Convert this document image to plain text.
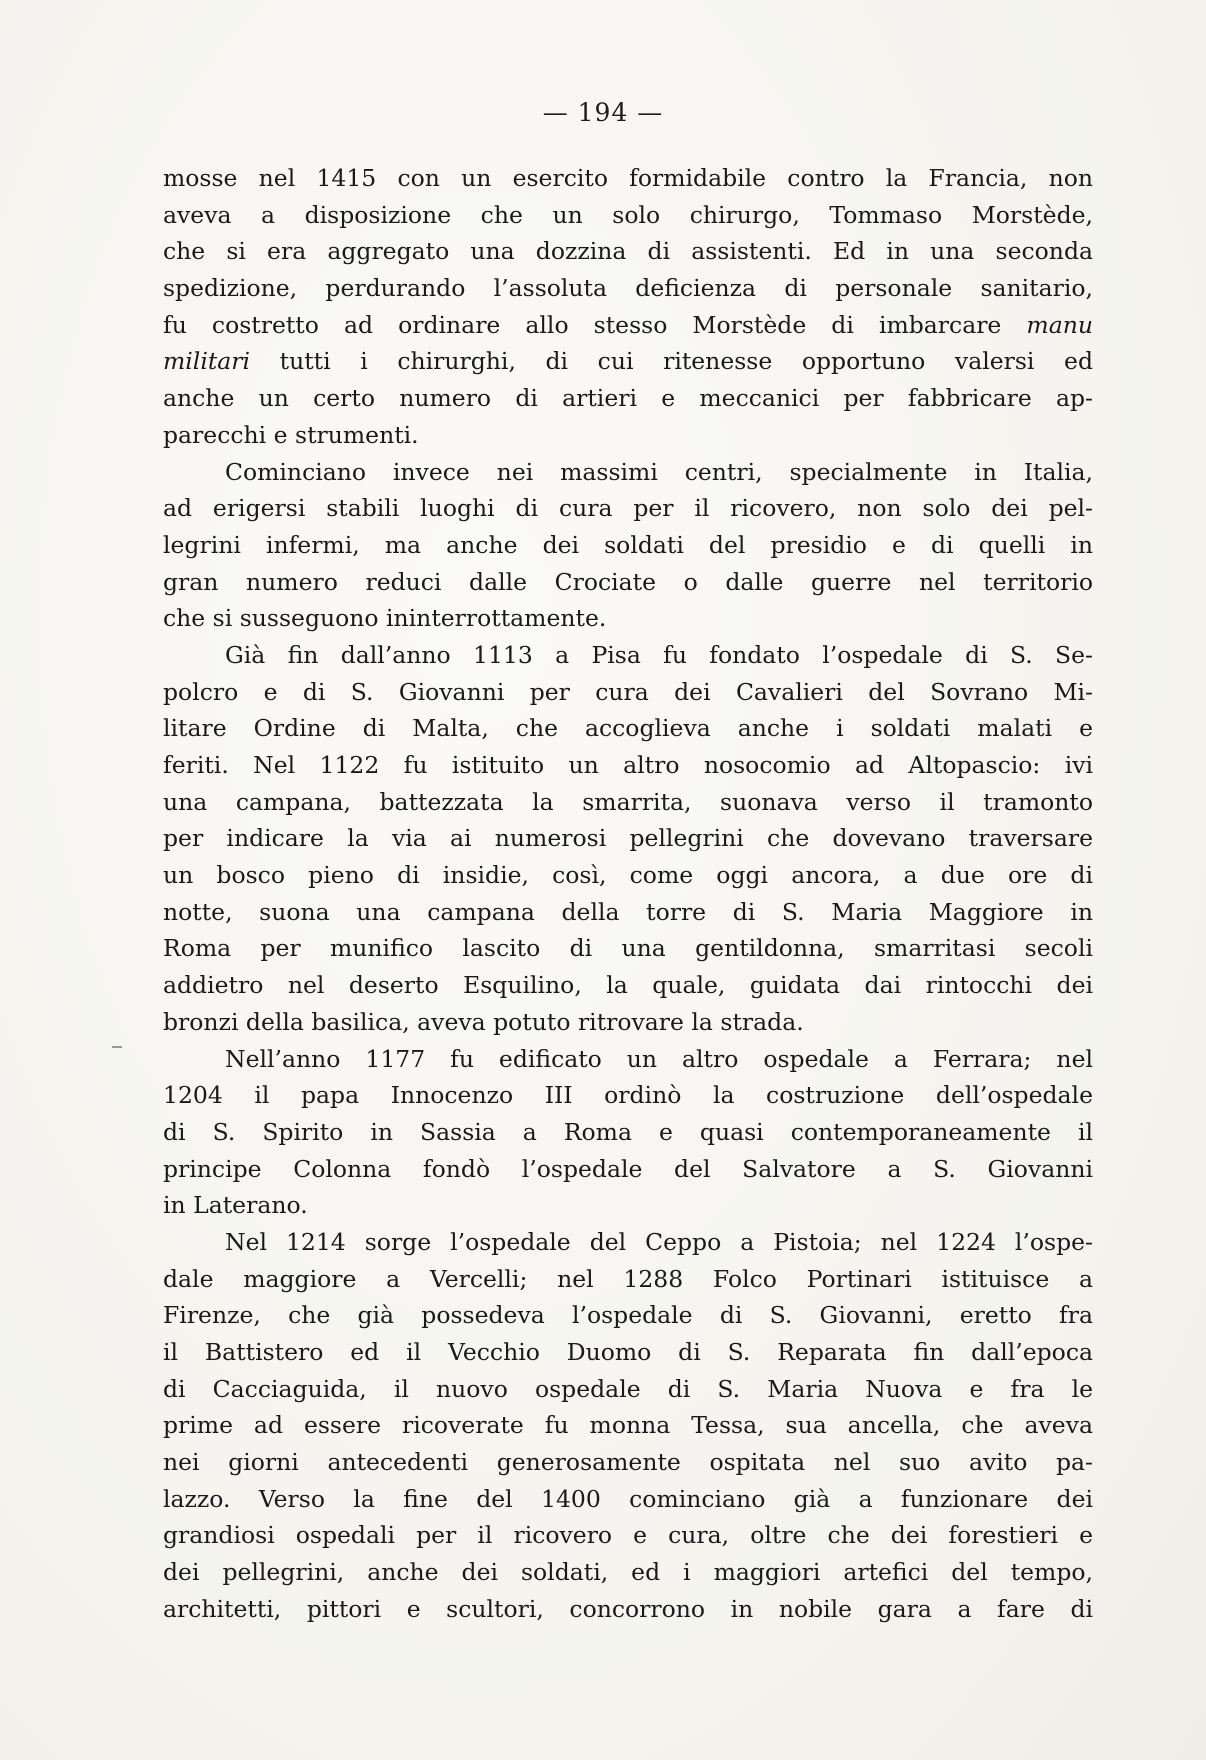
— 194 —
mosse nel 1415 con un esercito formidabile contro la Francia, non
aveva a disposizione che un solo chirurgo, Tommaso Morstède,
che si era aggregato una dozzina di assistenti. Ed in una seconda
spedizione, perdurando l’assoluta deficienza di personale sanitario,
fu costretto ad ordinare allo stesso Morstède di imbarcare manu
militari tutti i chirurghi, di cui ritenesse opportuno valersi ed
anche un certo numero di artieri e meccanici per fabbricare ap-
parecchi e strumenti.
Cominciano invece nei massimi centri, specialmente in Italia,
ad erigersi stabili luoghi di cura per il ricovero, non solo dei pel-
legrini infermi, ma anche dei soldati del presidio e di quelli in
gran numero reduci dalle Crociate o dalle guerre nel territorio
che si susseguono ininterrottamente.
Già fin dall’anno 1113 a Pisa fu fondato l’ospedale di S. Se-
polcro e di S. Giovanni per cura dei Cavalieri del Sovrano Mi-
litare Ordine di Malta, che accoglieva anche i soldati malati e
feriti. Nel 1122 fu istituito un altro nosocomio ad Altopascio: ivi
una campana, battezzata la smarrita, suonava verso il tramonto
per indicare la via ai numerosi pellegrini che dovevano traversare
un bosco pieno di insidie, così, come oggi ancora, a due ore di
notte, suona una campana della torre di S. Maria Maggiore in
Roma per munifico lascito di una gentildonna, smarritasi secoli
addietro nel deserto Esquilino, la quale, guidata dai rintocchi dei
bronzi della basilica, aveva potuto ritrovare la strada.
Nell’anno 1177 fu edificato un altro ospedale a Ferrara; nel
1204 il papa Innocenzo III ordinò la costruzione dell’ospedale
di S. Spirito in Sassia a Roma e quasi contemporaneamente il
principe Colonna fondò l’ospedale del Salvatore a S. Giovanni
in Laterano.
Nel 1214 sorge l’ospedale del Ceppo a Pistoia; nel 1224 l’ospe-
dale maggiore a Vercelli; nel 1288 Folco Portinari istituisce a
Firenze, che già possedeva l’ospedale di S. Giovanni, eretto fra
il Battistero ed il Vecchio Duomo di S. Reparata fin dall’epoca
di Cacciaguida, il nuovo ospedale di S. Maria Nuova e fra le
prime ad essere ricoverate fu monna Tessa, sua ancella, che aveva
nei giorni antecedenti generosamente ospitata nel suo avito pa-
lazzo. Verso la fine del 1400 cominciano già a funzionare dei
grandiosi ospedali per il ricovero e cura, oltre che dei forestieri e
dei pellegrini, anche dei soldati, ed i maggiori artefici del tempo,
architetti, pittori e scultori, concorrono in nobile gara a fare di
